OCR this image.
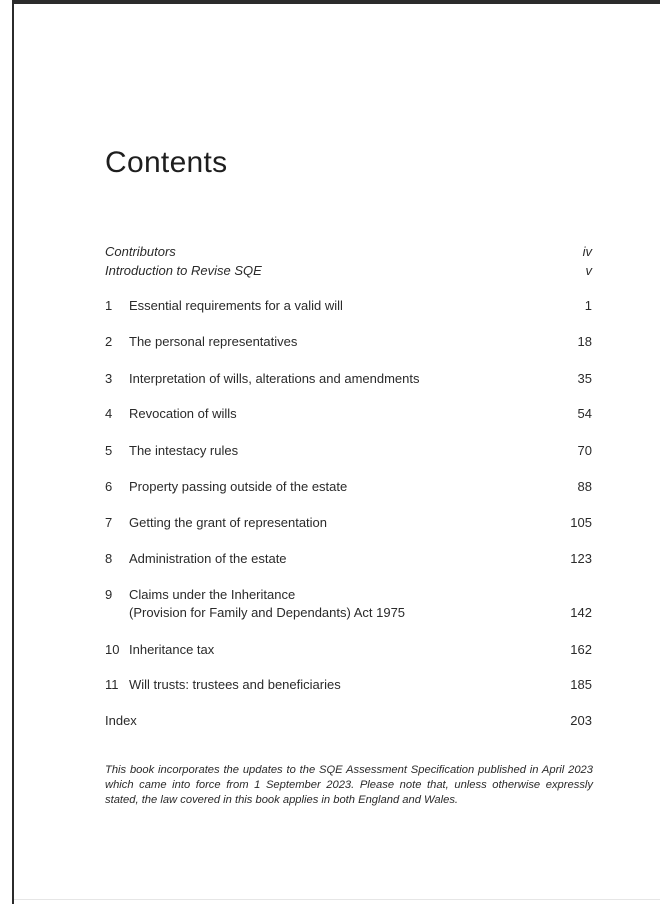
Contents
Contributors	iv
Introduction to Revise SQE	v
1 Essential requirements for a valid will	1
2 The personal representatives	18
3 Interpretation of wills, alterations and amendments	35
4 Revocation of wills	54
5 The intestacy rules	70
6 Property passing outside of the estate	88
7 Getting the grant of representation	105
8 Administration of the estate	123
9 Claims under the Inheritance
(Provision for Family and Dependants) Act 1975	142
10 Inheritance tax	162
11 Will trusts: trustees and beneficiaries	185
Index	203

This book incorporates the updates to the SQE Assessment Specification published in April 2023 which came into force from 1 September 2023. Please note that, unless otherwise expressly stated, the law covered in this book applies in both England and Wales.
